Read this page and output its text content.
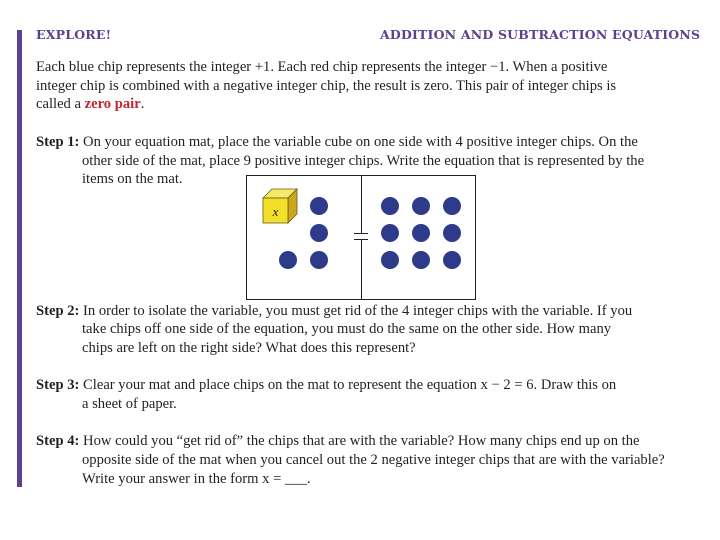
EXPLORE!	ADDITION AND SUBTRACTION EQUATIONS
Each blue chip represents the integer +1. Each red chip represents the integer −1. When a positive
integer chip is combined with a negative integer chip, the result is zero. This pair of integer chips is
called a zero pair.
Step 1: On your equation mat, place the variable cube on one side with 4 positive integer chips. On the
other side of the mat, place 9 positive integer chips. Write the equation that is represented by the
items on the mat.
x
Step 2: In order to isolate the variable, you must get rid of the 4 integer chips with the variable. If you
take chips off one side of the equation, you must do the same on the other side. How many
chips are left on the right side? What does this represent?
Step 3: Clear your mat and place chips on the mat to represent the equation x − 2 = 6. Draw this on
a sheet of paper.
Step 4: How could you “get rid of” the chips that are with the variable? How many chips end up on the
opposite side of the mat when you cancel out the 2 negative integer chips that are with the variable?
Write your answer in the form x = ___.
